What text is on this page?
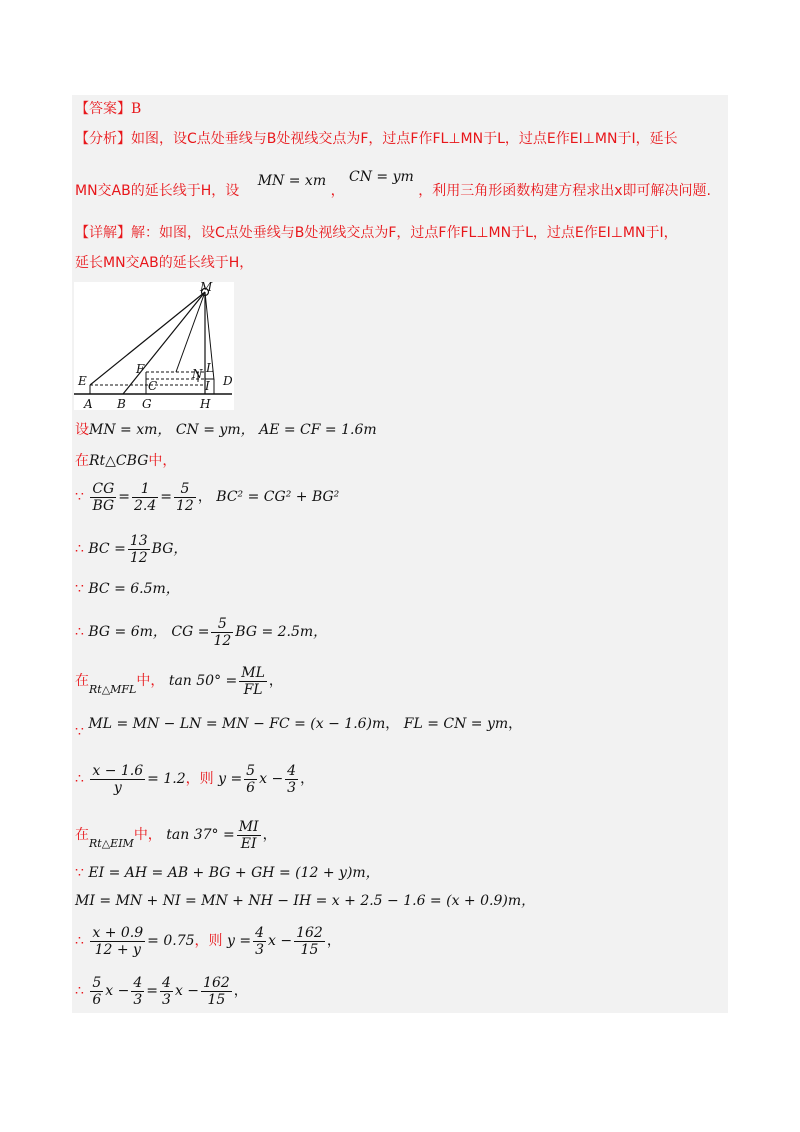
【答案】B
【分析】如图，设C点处垂线与B处视线交点为F，过点F作FL⊥MN于L，过点E作EI⊥MN于I，延长
MN交AB的延长线于H，设 MN = xm ， CN = ym ，利用三角形函数构建方程求出x即可解决问题.
【详解】解：如图，设C点处垂线与B处视线交点为F，过点F作FL⊥MN于L，过点E作EI⊥MN于I，
延长MN交AB的延长线于H，
M
F	L
N
E	C	I D
A B G	H
设MN = xm， CN = ym， AE = CF = 1.6m
在Rt△CBG中，
∵ $\frac{CG}{BG} = \frac{1}{2.4} = \frac{5}{12}$ ， BC² = CG² + BG²
∴ BC = $\frac{13}{12}$ BG，
∵ BC = 6.5m，
∴ BG = 6m， CG = $\frac{5}{12}$ BG = 2.5m，
在$_{Rt\triangle MFL}$中， $\tan 50^\circ = \frac{ML}{FL}$ ，
∵ ML = MN − LN = MN − FC = (x − 1.6)m， FL = CN = ym，
∴ $\frac{x - 1.6}{y} = 1.2$，则 $y = \frac{5}{6}$ $x - \frac{4}{3}$ ，
在$_{Rt\triangle EIM}$中， $\tan 37^\circ = \frac{MI}{EI}$ ，
∵ EI = AH = AB + BG + GH = (12 + y)m，
MI = MN + NI = MN + NH − IH = x + 2.5 − 1.6 = (x + 0.9)m，
∴ $\frac{x + 0.9}{12 + y} = 0.75$，则 $y = \frac{4}{3}$ $x - \frac{162}{15}$ ，
∴ $\frac{5}{6}$ $x - \frac{4}{3} = \frac{4}{3}$ $x - \frac{162}{15}$ ，
